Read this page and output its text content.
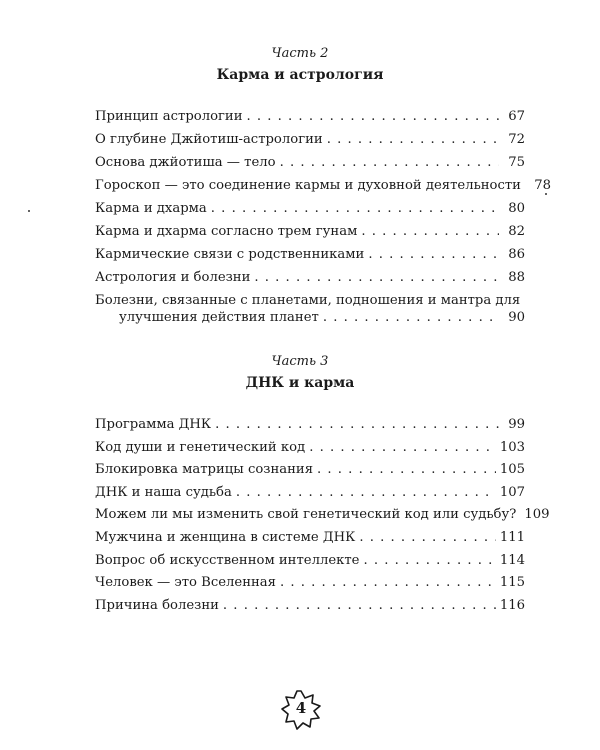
Часть 2
Карма и астрология
Принцип астрологии . .	67
О глубине Джйотиш-астрологии . .	72
Основа джйотиша — тело . .	75
Гороскоп — это соединение кармы и духовной деятельности	78
Карма и дхарма . .	80
Карма и дхарма согласно трем гунам . .	82
Кармические связи с родственниками . .	86
Астрология и болезни . .	88
Болезни, связанные с планетами, подношения и мантра для
улучшения действия планет . .	90
Часть 3
ДНК и карма
Программа ДНК . .	99
Код души и генетический код . .	103
Блокировка матрицы сознания . .	105
ДНК и наша судьба . .	107
Можем ли мы изменить свой генетический код или судьбу? 109
Мужчина и женщина в системе ДНК . .	111
Вопрос об искусственном интеллекте . .	114
Человек — это Вселенная . .	115
Причина болезни . .	116
4
